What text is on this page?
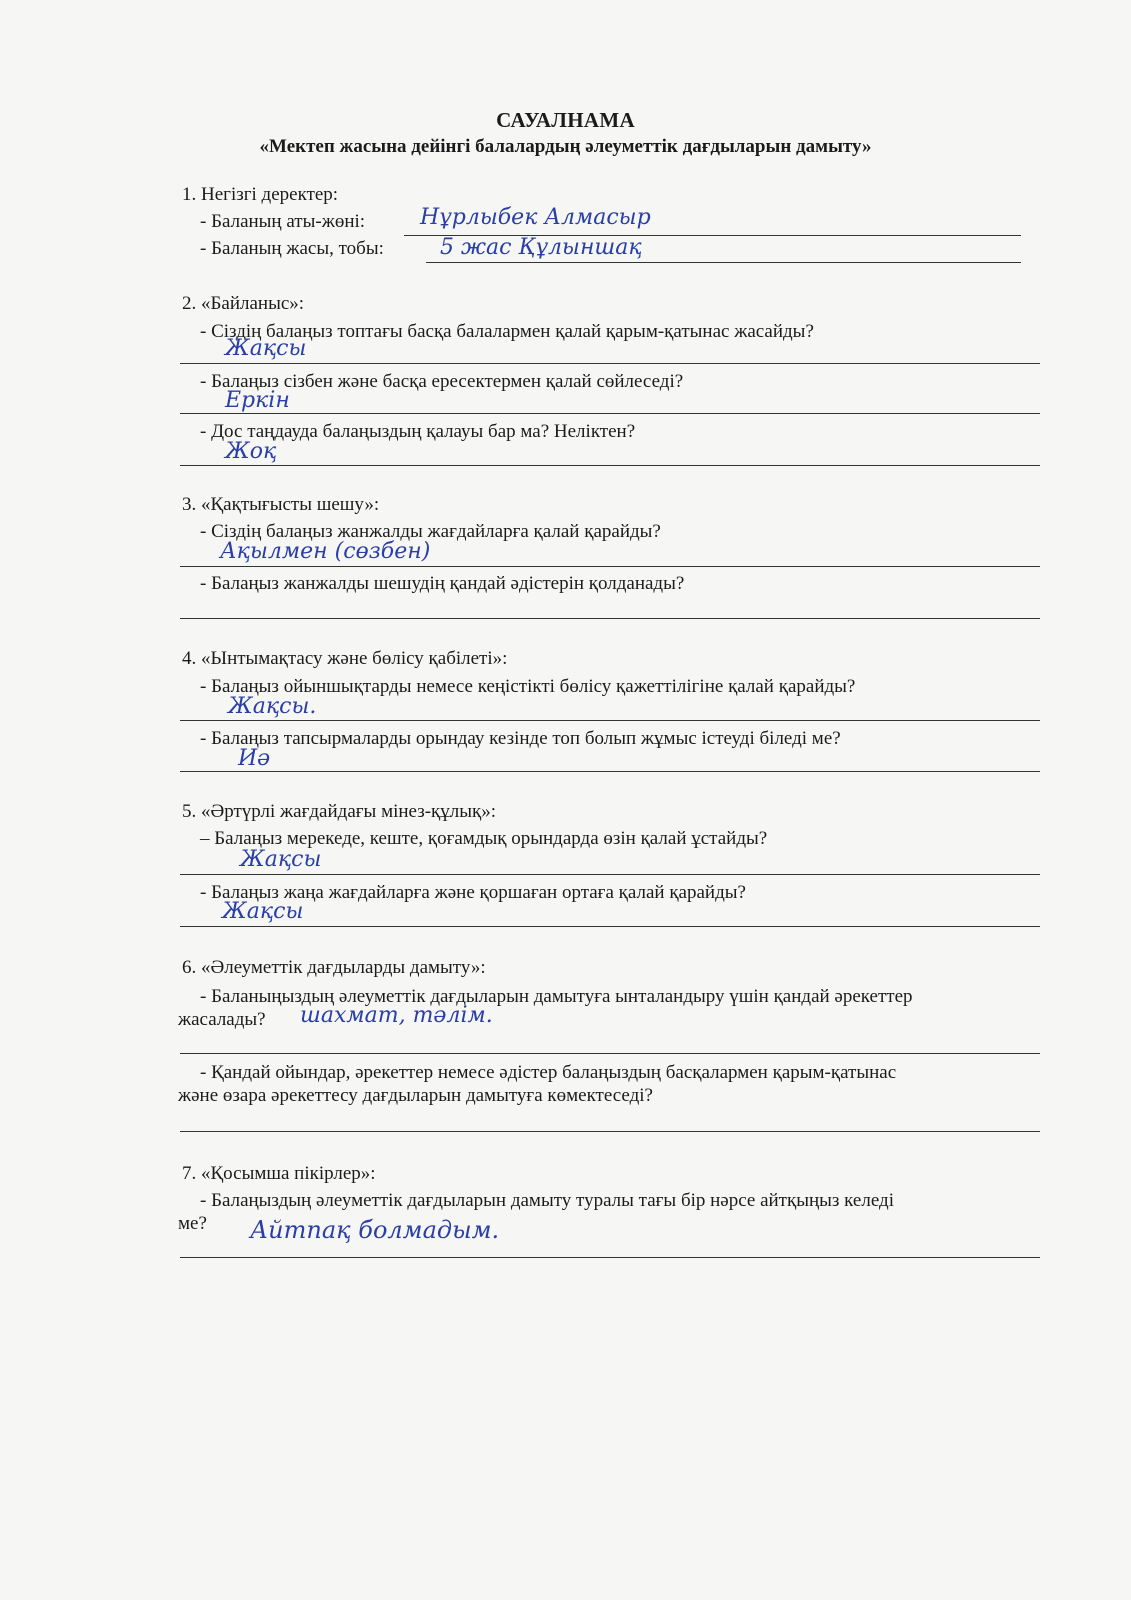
САУАЛНАМА
«Мектеп жасына дейінгі балалардың әлеуметтік дағдыларын дамыту»
1. Негізгі деректер:
- Баланың аты-жөні: Нұрлыбек Алмасыр
- Баланың жасы, тобы:	5 жас Құлыншақ
2. «Байланыс»:
- Сіздің балаңыз топтағы басқа балалармен қалай қарым-қатынас жасайды?
Жақсы
- Балаңыз сізбен және басқа ересектермен қалай сөйлеседі?
Еркін
- Дос таңдауда балаңыздың қалауы бар ма? Неліктен?
Жоқ
3. «Қақтығысты шешу»:
- Сіздің балаңыз жанжалды жағдайларға қалай қарайды?
Ақылмен (сөзбен)
- Балаңыз жанжалды шешудің қандай әдістерін қолданады?
4. «Ынтымақтасу және бөлісу қабілеті»:
- Балаңыз ойыншықтарды немесе кеңістікті бөлісу қажеттілігіне қалай қарайды?
Жақсы.
- Балаңыз тапсырмаларды орындау кезінде топ болып жұмыс істеуді біледі ме?
Иә
5. «Әртүрлі жағдайдағы мінез-құлық»:
– Балаңыз мерекеде, кеште, қоғамдық орындарда өзін қалай ұстайды?
Жақсы
- Балаңыз жаңа жағдайларға және қоршаған ортаға қалай қарайды?
Жақсы
6. «Әлеуметтік дағдыларды дамыту»:
- Баланыңыздың әлеуметтік дағдыларын дамытуға ынталандыру үшін қандай әрекеттер
жасалады? шахмат, тәлім.
- Қандай ойындар, әрекеттер немесе әдістер балаңыздың басқалармен қарым-қатынас
және өзара әрекеттесу дағдыларын дамытуға көмектеседі?
7. «Қосымша пікірлер»:
- Балаңыздың әлеуметтік дағдыларын дамыту туралы тағы бір нәрсе айтқыңыз келеді
ме? Айтпақ болмадым.
